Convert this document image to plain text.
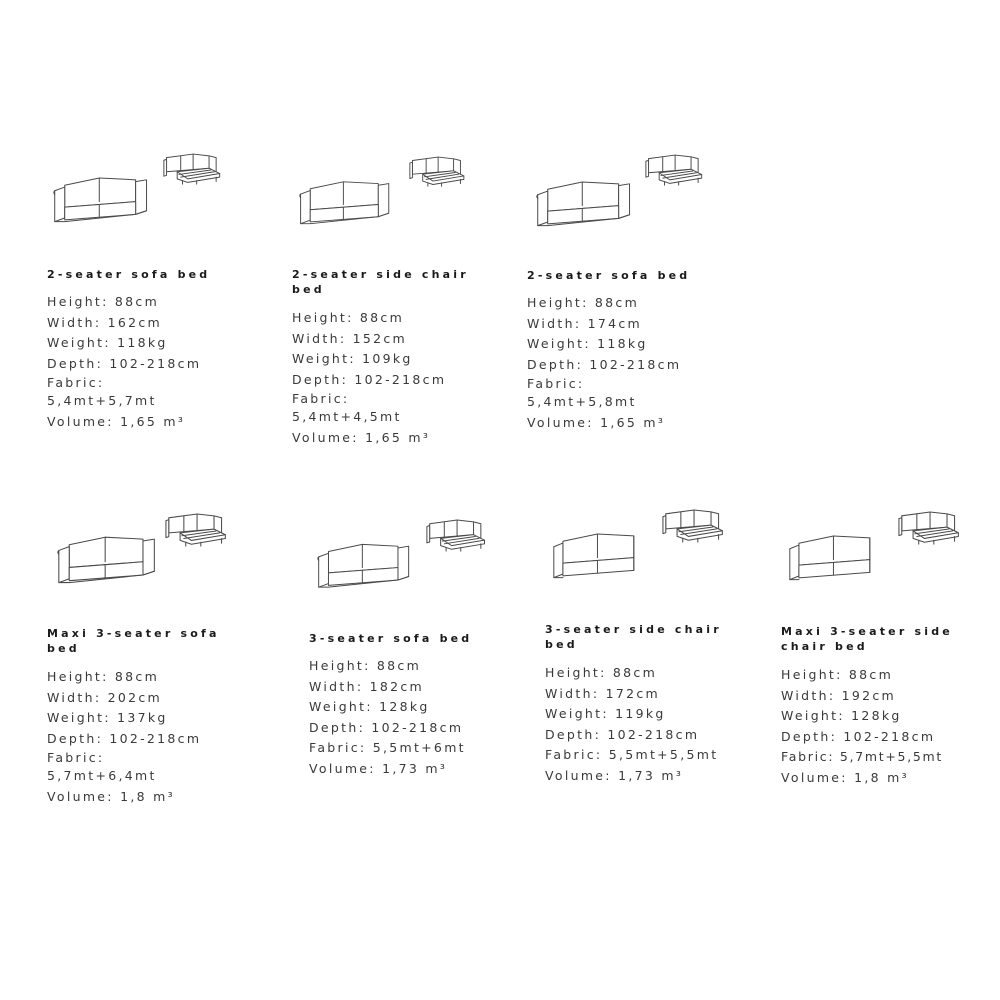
2-seater sofa bed
Height: 88cm
Width: 162cm
Weight: 118kg
Depth: 102-218cm
Fabric: 5,4mt+5,7mt
Volume: 1,65 m³
2-seater side chair bed
Height: 88cm
Width: 152cm
Weight: 109kg
Depth: 102-218cm
Fabric: 5,4mt+4,5mt
Volume: 1,65 m³
2-seater sofa bed
Height: 88cm
Width: 174cm
Weight: 118kg
Depth: 102-218cm
Fabric: 5,4mt+5,8mt
Volume: 1,65 m³
Maxi 3-seater sofa bed
Height: 88cm
Width: 202cm
Weight: 137kg
Depth: 102-218cm
Fabric: 5,7mt+6,4mt
Volume: 1,8 m³
3-seater sofa bed
Height: 88cm
Width: 182cm
Weight: 128kg
Depth: 102-218cm
Fabric: 5,5mt+6mt
Volume: 1,73 m³
3-seater side chair bed
Height: 88cm
Width: 172cm
Weight: 119kg
Depth: 102-218cm
Fabric: 5,5mt+5,5mt
Volume: 1,73 m³
Maxi 3-seater side chair bed
Height: 88cm
Width: 192cm
Weight: 128kg
Depth: 102-218cm
Fabric: 5,7mt+5,5mt
Volume: 1,8 m³
